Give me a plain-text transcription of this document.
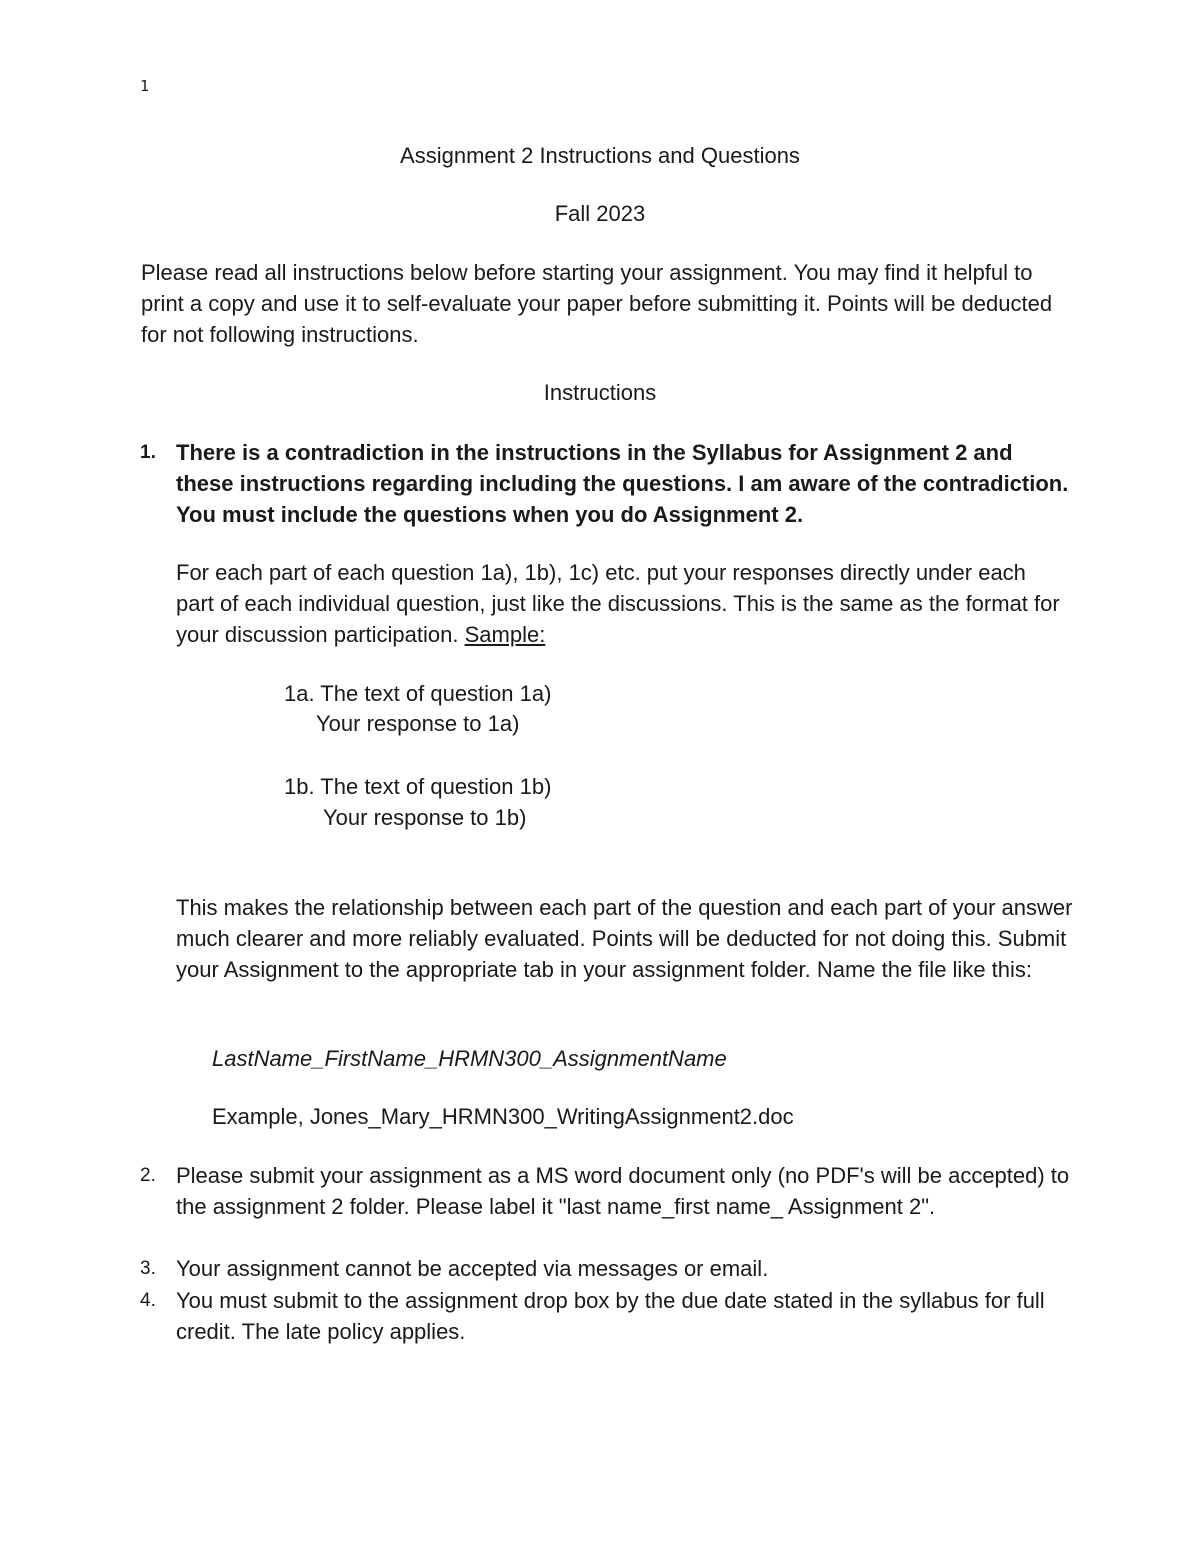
1
Assignment 2 Instructions and Questions
Fall 2023
Please read all instructions below before starting your assignment. You may find it helpful to print a copy and use it to self-evaluate your paper before submitting it. Points will be deducted for not following instructions.
Instructions
1. There is a contradiction in the instructions in the Syllabus for Assignment 2 and these instructions regarding including the questions. I am aware of the contradiction. You must include the questions when you do Assignment 2.
For each part of each question 1a), 1b), 1c) etc. put your responses directly under each part of each individual question, just like the discussions. This is the same as the format for your discussion participation. Sample:
1a. The text of question 1a)
Your response to 1a)
1b. The text of question 1b)
Your response to 1b)
This makes the relationship between each part of the question and each part of your answer much clearer and more reliably evaluated. Points will be deducted for not doing this. Submit your Assignment to the appropriate tab in your assignment folder. Name the file like this:
LastName_FirstName_HRMN300_AssignmentName
Example, Jones_Mary_HRMN300_WritingAssignment2.doc
2. Please submit your assignment as a MS word document only (no PDF's will be accepted) to the assignment 2 folder. Please label it "last name_first name_ Assignment 2".
3. Your assignment cannot be accepted via messages or email.
4. You must submit to the assignment drop box by the due date stated in the syllabus for full credit. The late policy applies.
